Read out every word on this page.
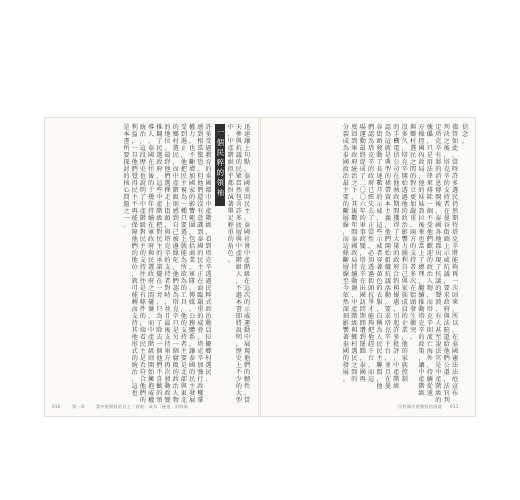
迅
速
讓
上
句
點
。
泰
國
重
回
民
主
，
泰
國
社
會
中
產
階
級
在
這
次
的
示
威
運
動
中
展
現
他
們
的
韌
性
，
當
天
參
與
抗
議
的
民
眾
當
然
包
含
許
多
底
層
與
中
產
階
級
人
，
不
過
本
書
即
將
說
明
，
歷
史
上
不
少
的
大
型
中
，
中
產
階
級
似
乎
都
扮
演
著
舉
足
輕
重
的
角
色
。
一
個
民
粹
的
領
袖
許
多
受
過
教
育
的
泰
國
都
市
中
產
階
級
，
看
到
塔
克
辛
透
過
民
粹
式
政
治
動
員
拉
攏
鄉
村
選
民
、
感
到
相
當
驚
恐
。
但
他
們
還
沒
有
意
識
到
泰
國
的
民
主
正
在
面
臨
嚴
重
的
威
脅
。
塔
克
辛
加
強
行
政
權
掌
權
力
，
也
不
斷
增
加
國
家
的
影
響
範
圍
，
包
括
商
業
、
軍
隊
、
傳
媒
、
公
務
體
系
，
讓
泰
國
的
民
主
發
展
受
到
遏
止
，
他
把
民
主
視
為
一
種
只
要
選
上
就
能
為
所
欲
為
的
工
具
，
他
的
支
持
者
主
要
是
北
部
與
東
北
的
鄉
村
選
民
，
而
中
產
階
級
則
感
到
自
己
被
邊
緣
化
，
他
們
認
為
塔
克
辛
只
是
另
一
個
腐
敗
的
政
治
人
物
的
地
位
。
最
終
他
們
選
擇
走
上
街
頭
，
與
塔
克
辛
的
支
持
者
對
峙
，
並
且
最
後
支
持
軍
方
再
次
發
動
政
變
推
翻
了
民
選
政
府
，
這
些
中
產
階
級
把
對
民
主
的
承
諾
擺
在
一
旁
，
只
為
了
除
去
一
個
他
們
不
喜
歡
的
領
導
人
，
泰
國
在
往
後
的
十
幾
年
持
續
在
軍
政
府
與
民
選
政
府
之
間
擺
盪
，
而
中
產
階
級
則
開
始
擁
抱
威
權
統
治
，
這
段
歷
史
也
說
明
了
中
產
階
級
對
民
主
的
支
持
往
往
是
有
條
件
的
，
端
看
民
主
是
否
符
合
他
們
的
利
益
，
一
旦
他
們
覺
得
民
主
不
再
能
保
障
他
們
的
地
位
，
就
可
能
轉
而
支
持
其
他
形
式
的
統
治
，
這
也
是
本
書
所
要
探
討
的
核
心
問
題
之
一
。
信
念
。
儘
管
如
此
，
當
時
許
多
選
民
仍
然
期
待
塔
克
辛
將
能
夠
再
一
次
回
來
，
所
以
，
在
泰
國
憲
法
法
庭
宣
布
判
決
之
後
，
塔
克
辛
的
支
持
者
在
曼
谷
街
頭
上
示
威
抗
議
，
要
求
政
府
與
法
院
還
給
他
們
公
道
，
法
官
判
定
塔
克
辛
有
罪
的
消
息
傳
開
後
，
泰
國
各
地
都
出
現
了
抗
議
的
聲
浪
，
有
人
甚
至
說
法
官
是
中
產
階
級
的
傀
儡
，
只
是
用
法
律
來
排
除
一
個
不
受
他
們
歡
迎
的
政
治
人
物
，
而
塔
克
辛
則
流
亡
海
外
，
持
續
從
遠
方
操
控
國
內
政
局
，
他
的
妹
妹
盈
拉
後
來
也
當
上
了
總
理
，
繼
續
推
動
塔
克
辛
的
政
策
，
讓
中
產
階
級
與
鄉
村
選
民
之
間
的
對
立
更
加
嚴
重
，
兩
方
的
支
持
者
多
次
在
街
頭
發
生
衝
突
。
沒
多
久
，
塔
克
辛
開
始
透
過
他
的
政
治
影
響
力
圖
利
自
己
與
家
族
成
員
的
企
業
，
他
的
家
族
控
制
的
手
機
電
信
公
司
在
他
執
政
期
間
獲
得
了
大
量
的
政
府
合
約
與
優
惠
，
引
起
許
多
批
評
，
中
產
階
級
認
為
這
就
是
典
型
的
裙
帶
資
本
主
義
，
他
們
開
始
組
織
抗
議
活
動
，
要
求
塔
克
辛
下
台
，
並
且
在
曼
谷
街
頭
發
動
了
長
達
數
月
的
示
威
，
這
些
示
威
者
穿
著
黃
色
的
衣
服
，
自
稱
為
人
民
民
主
聯
盟
，
他
們
認
為
塔
克
辛
的
政
府
已
經
失
去
了
正
當
性
，
必
須
透
過
街
頭
抗
爭
才
能
夠
把
他
趕
下
台
，
而
這
場
運
動
最
終
促
成
了
二
〇
〇
六
年
的
軍
事
政
變
，
塔
克
辛
在
出
國
訪
問
期
間
遭
到
罷
黜
，
泰
國
再
度
回
到
軍
政
府
統
治
之
下
，
其
後
數
年
間
泰
國
政
局
持
續
動
盪
，
中
產
階
級
與
鄉
村
選
民
之
間
的
分
裂
成
為
泰
國
政
治
最
主
要
的
斷
層
線
，
而
這
條
斷
層
線
至
今
依
然
深
刻
影
響
著
泰
國
的
發
展
。
010	第一章	當中產階級的民主「前進」成為「後退」的時候	民粹與中產階級的困境 011
